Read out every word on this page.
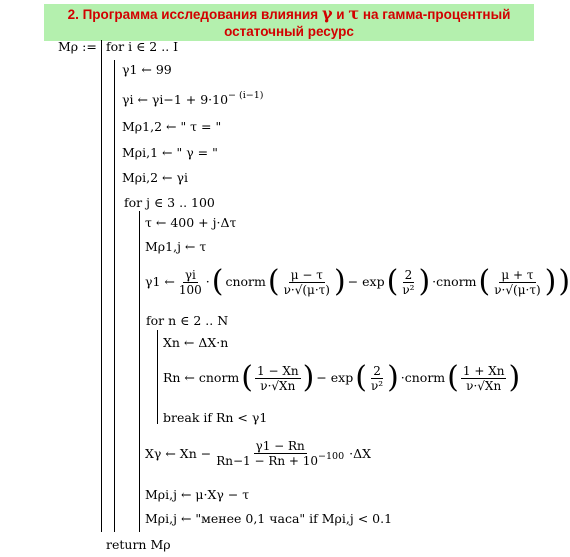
2. Программа исследования влияния γ и τ на гамма-процентный
остаточный ресурс
Mρ := for i ∈ 2 .. I
γ1 ← 99
γi ← $\gamma i-1 + 9\cdot 10^{- (i-1)}$
Mρ1,2 ← " τ = "
Mρi,1 ← " γ = "
Mρi,2 ← γi
for j ∈ 3 .. 100
τ ← 400 + j·Δτ
Mρ1,j ← τ
γ1 ← $\frac{\gamma i}{100}$ · ( cnorm ( $\frac{\mu - \tau}{\nu\cdot√(\mu\cdot\tau)}$ ) − exp ( $\frac{2}{\text{ν²}}$ ) ·cnorm ( $\frac{\mu + \tau}{\nu\cdot√(\mu\cdot\tau)}$ ) )
for n ∈ 2 .. N
Xn ← ΔX·n
Rn ← cnorm ( $\frac{1 - Xn}{\nu\cdot√Xn}$ ) − exp ( $\frac{2}{\text{ν²}}$ ) ·cnorm ( $\frac{1 + Xn}{\nu\cdot√Xn}$ )
break if Rn < γ1
Xγ ← $Xn - \frac{\gamma 1 - Rn}{Rn-1 - Rn + 10^{-100}} \cdot\Delta X$
Mρi,j ← μ·Xγ − τ
Mρi,j ← "менее 0,1 часа" if Mρi,j < 0.1
return Mρ
